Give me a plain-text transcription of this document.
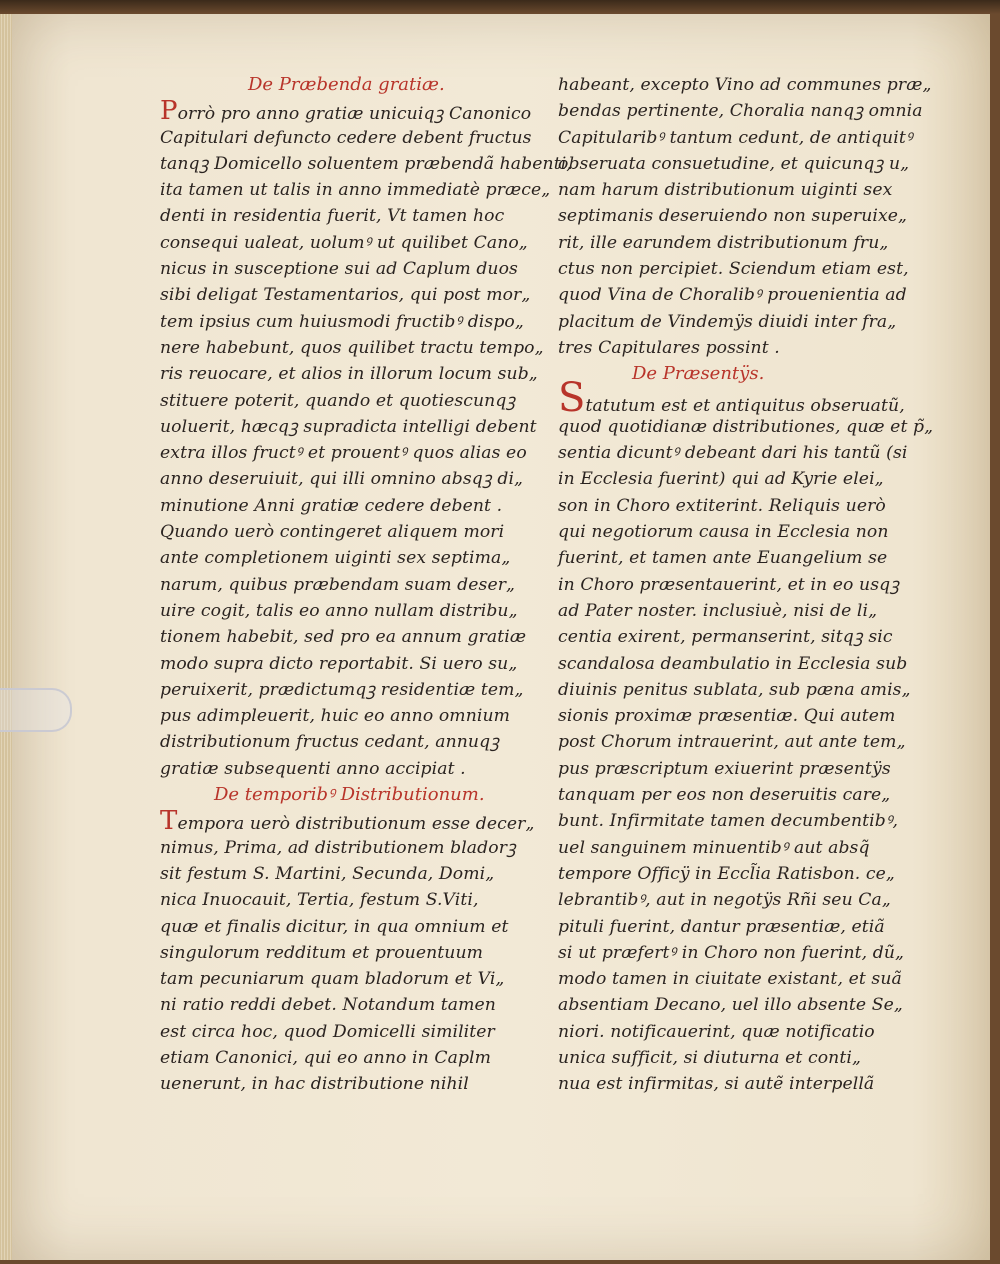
De Præbenda gratiæ.
Porrò pro anno gratiæ unicuiqꝫ Canonico
Capitulari defuncto cedere debent fructus
tanqꝫ Domicello soluentem præbendã habenti,
ita tamen ut talis in anno immediatè præce„
denti in residentia fuerit, Vt tamen hoc
consequi ualeat, uolumꝰ ut quilibet Cano„
nicus in susceptione sui ad Caplum duos
sibi deligat Testamentarios, qui post mor„
tem ipsius cum huiusmodi fructibꝰ dispo„
nere habebunt, quos quilibet tractu tempo„
ris reuocare, et alios in illorum locum sub„
stituere poterit, quando et quotiescunqꝫ
uoluerit, hæcqꝫ supradicta intelligi debent
extra illos fructꝰ et prouentꝰ quos alias eo
anno deseruiuit, qui illi omnino absqꝫ di„
minutione Anni gratiæ cedere debent .
Quando uerò contingeret aliquem mori
ante completionem uiginti sex septima„
narum, quibus præbendam suam deser„
uire cogit, talis eo anno nullam distribu„
tionem habebit, sed pro ea annum gratiæ
modo supra dicto reportabit. Si uero su„
peruixerit, prædictumqꝫ residentiæ tem„
pus adimpleuerit, huic eo anno omnium
distributionum fructus cedant, annuqꝫ
gratiæ subsequenti anno accipiat .
De temporibꝰ Distributionum.
Tempora uerò distributionum esse decer„
nimus, Prima, ad distributionem bladorꝫ
sit festum S. Martini, Secunda, Domi„
nica Inuocauit, Tertia, festum S.Viti,
quæ et finalis dicitur, in qua omnium et
singulorum redditum et prouentuum
tam pecuniarum quam bladorum et Vi„
ni ratio reddi debet. Notandum tamen
est circa hoc, quod Domicelli similiter
etiam Canonici, qui eo anno in Caplm
uenerunt, in hac distributione nihil
habeant, excepto Vino ad communes præ„
bendas pertinente, Choralia nanqꝫ omnia
Capitularibꝰ tantum cedunt, de antiquitꝰ
obseruata consuetudine, et quicunqꝫ u„
nam harum distributionum uiginti sex
septimanis deseruiendo non superuixe„
rit, ille earundem distributionum fru„
ctus non percipiet. Sciendum etiam est,
quod Vina de Choralibꝰ prouenientia ad
placitum de Vindemÿs diuidi inter fra„
tres Capitulares possint .
De Præsentÿs.
Statutum est et antiquitus obseruatũ,
quod quotidianæ distributiones, quæ et p̃„
sentia dicuntꝰ debeant dari his tantũ (si
in Ecclesia fuerint) qui ad Kyrie elei„
son in Choro extiterint. Reliquis uerò
qui negotiorum causa in Ecclesia non
fuerint, et tamen ante Euangelium se
in Choro præsentauerint, et in eo usqꝫ
ad Pater noster. inclusiuè, nisi de li„
centia exirent, permanserint, sitqꝫ sic
scandalosa deambulatio in Ecclesia sub
diuinis penitus sublata, sub pæna amis„
sionis proximæ præsentiæ. Qui autem
post Chorum intrauerint, aut ante tem„
pus præscriptum exiuerint præsentÿs
tanquam per eos non deseruitis care„
bunt. Infirmitate tamen decumbentibꝰ,
uel sanguinem minuentibꝰ aut absq̃
tempore Officÿ in Eccl̃ia Ratisbon. ce„
lebrantibꝰ, aut in negotÿs Rñi seu Ca„
pituli fuerint, dantur præsentiæ, etiã
si ut præfertꝰ in Choro non fuerint, dũ„
modo tamen in ciuitate existant, et suã
absentiam Decano, uel illo absente Se„
niori. notificauerint, quæ notificatio
unica sufficit, si diuturna et conti„
nua est infirmitas, si autẽ interpellã
